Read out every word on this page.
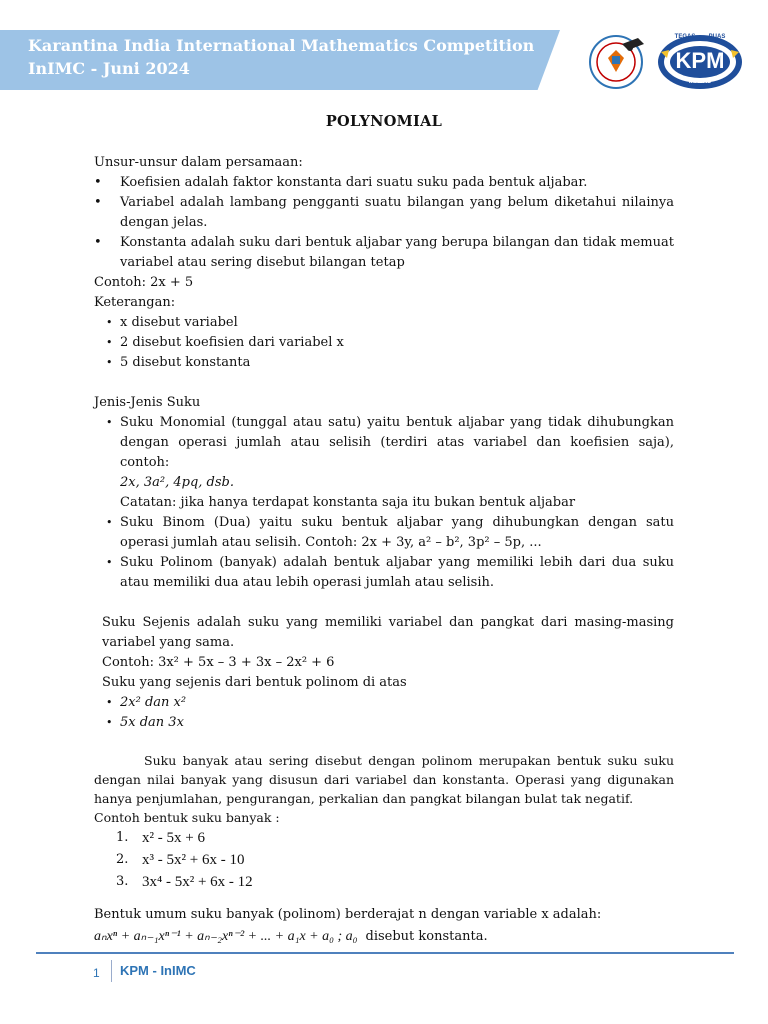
Karantina India International Mathematics Competition
InIMC - Juni 2024
TEGAS PUAS
KPM
IKHLAS
POLYNOMIAL

Unsur-unsur dalam persamaan:

• Koefisien adalah faktor konstanta dari suatu suku pada bentuk aljabar.
• Variabel adalah lambang pengganti suatu bilangan yang belum diketahui nilainya dengan jelas.
• Konstanta adalah suku dari bentuk aljabar yang berupa bilangan dan tidak memuat variabel atau sering disebut bilangan tetap

Contoh: 2x + 5

Keterangan:

• x disebut variabel
• 2 disebut koefisien dari variabel x
• 5 disebut konstanta

Jenis-Jenis Suku

• Suku Monomial (tunggal atau satu) yaitu bentuk aljabar yang tidak dihubungkan dengan operasi jumlah atau selisih (terdiri atas variabel dan koefisien saja), contoh:
2x, 3a², 4pq, dsb.
Catatan: jika hanya terdapat konstanta saja itu bukan bentuk aljabar
• Suku Binom (Dua) yaitu suku bentuk aljabar yang dihubungkan dengan satu operasi jumlah atau selisih. Contoh: 2x + 3y, a² – b², 3p² – 5p, ...
• Suku Polinom (banyak) adalah bentuk aljabar yang memiliki lebih dari dua suku atau memiliki dua atau lebih operasi jumlah atau selisih.

Suku Sejenis adalah suku yang memiliki variabel dan pangkat dari masing-masing variabel yang sama.

Contoh: 3x² + 5x – 3 + 3x – 2x² + 6

Suku yang sejenis dari bentuk polinom di atas

• 2x² dan x²
• 5x dan 3x

Suku banyak atau sering disebut dengan polinom merupakan bentuk suku suku dengan nilai banyak yang disusun dari variabel dan konstanta. Operasi yang digunakan hanya penjumlahan, pengurangan, perkalian dan pangkat bilangan bulat tak negatif.

Contoh bentuk suku banyak :

1. x² - 5x + 6
2. x³ - 5x² + 6x - 10
3. 3x⁴ - 5x² + 6x - 12

Bentuk umum suku banyak (polinom) berderajat n dengan variable x adalah:

aₙxⁿ + aₙ₋₁xⁿ⁻¹ + aₙ₋₂xⁿ⁻² + ... + a₁x + a₀ ; a₀ disebut konstanta.
1 KPM - InIMC
